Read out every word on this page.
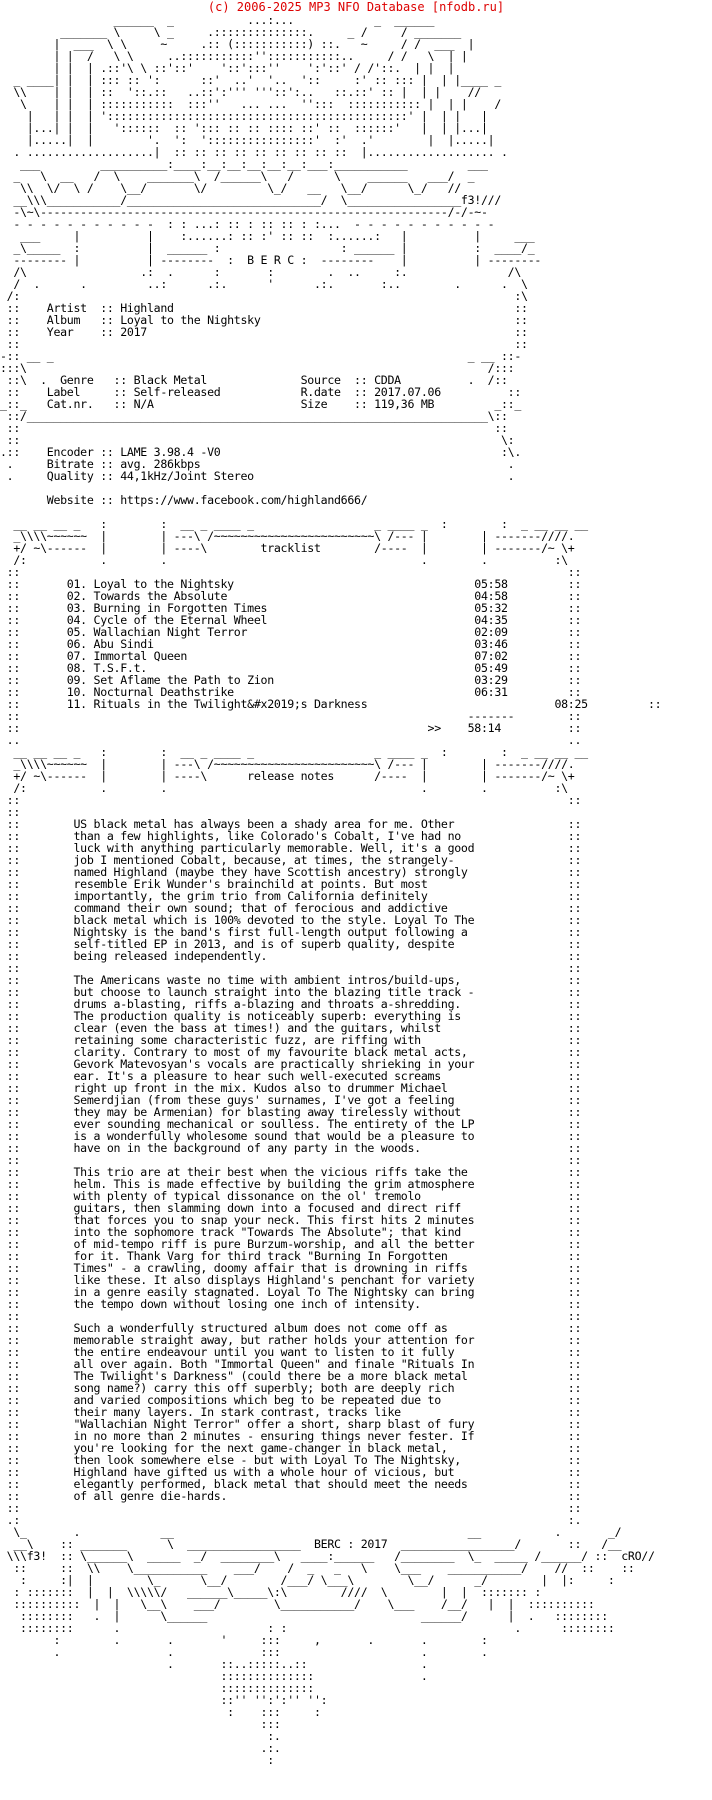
(c) 2006-2025 MP3 NFO Database [nfodb.ru]
______  _           ...:...            _  ______
_______ \     \ _     .::::::::::::::.     _ /     / _______
|  ___  \ \     ~     .:: (:::::::::::) ::.   ~     / /  ___  |
| |  /   \ \     ..:::::::::::'':::::::::::..     / /   \  | |
| |  | .::'\ \ ::'::'    '::':::''    ':'::' / /'::.  | |  |
_ ____| |  | ::: :: ':      ::'  ..'  '..  '::     :' :: ::: |  | |____ _
\\    | |  | ::  '::.::   ..::':''' '''::':..   ::.::' :: |  | |    //
\    | |  | :::::::::::  :::''   ... ...  '':::  ::::::::::: |  | |    /
|   | |  | ':::::::::::::::::::::::::::::::::::::::::::::' |  | |   |
|...| |  |   '::::::  :: '::: :: :: :::: ::' ::  ::::::'   |  | |...|
|.....|  |        '.  ':  '::::::::::::::::'  :'  .'        |  |.....|
. ...................|  :: :: :: :: :: :: :: :: ::  |................... .
___         __________:____:__:__:__:__:__:___:___________         ___
_   \  __   /  \    _______\  /______\   /      \    ______   ___/  _
\\  \/  \ /    \__/       \/         \_/   __   \__/      \_/   //
__\\\___________/_____________________________/  \_________________f3!///
-\~\-------------------------------------------------------------/-/-~-
- - - - - - - - - - -  : : ...: :: : :: :: : :...  - - - - - - - - - - -
___     |          |    :......: :: :' :: ::  :......:   |          |     ___
_\_____  :          |  ______ :                  : ______ |          :  ____/_
-------- |          | --------  :  B E R C :  --------    |          | --------
/\                 .:  .      :       :        .  ..     :.               /\
/  .      .         ..:      .:.      '      .:.       :..        .      .  \
/:                                                                          :\
::    Artist  :: Highland                                                   ::
::    Album   :: Loyal to the Nightsky                                      ::
::    Year    :: 2017                                                       ::
::                                                                          ::
-:: __ _                                                              _ __ ::-
:::\                                                                     /:::
::\  .  Genre   :: Black Metal              Source  :: CDDA          .  /::
::    Label     :: Self-released            R.date  :: 2017.07.06          ::
_::_   Cat.nr.   :: N/A                      Size    :: 119,36 MB         _::_
::/_____________________________________________________________________\::
::                                                                       ::
::                                                                        \:
.::    Encoder :: LAME 3.98.4 -V0                                          :\.
.     Bitrate :: avg. 286kbps                                              .
.     Quality :: 44,1kHz/Joint Stereo                                      .

Website :: https://www.facebook.com/highland666/

__ __ __ _   :        :  __ _ ____ _                  _ ____ _  :        :  _ __ __ __
_\\\\~~~~~~  |        | ---\ /~~~~~~~~~~~~~~~~~~~~~~~~\ /--- |        | -------////.
+/ ~\------  |        | ----\        tracklist        /----  |        | -------/~ \+
/:           .        .                                      .        .          :\
::                                                                                  ::
::       01. Loyal to the Nightsky                                    05:58         ::
::       02. Towards the Absolute                                     04:58         ::
::       03. Burning in Forgotten Times                               05:32         ::
::       04. Cycle of the Eternal Wheel                               04:35         ::
::       05. Wallachian Night Terror                                  02:09         ::
::       06. Abu Sindi                                                03:46         ::
::       07. Immortal Queen                                           07:02         ::
::       08. T.S.F.t.                                                 05:49         ::
::       09. Set Aflame the Path to Zion                              03:29         ::
::       10. Nocturnal Deathstrike                                    06:31         ::
::       11. Rituals in the Twilight&#x2019;s Darkness                            08:25         ::
::                                                                   -------        ::
::                                                             >>    58:14          ::
..                                                                                  ..
__ __ __ _   :        :  __ _ ____ _                  _ ____ _  :        :  _ __ __ __
_\\\\~~~~~~  |        | ---\ /~~~~~~~~~~~~~~~~~~~~~~~~\ /--- |        | -------////.
+/ ~\------  |        | ----\      release notes      /----  |        | -------/~ \+
/:           .        .                                      .        .          :\
::                                                                                  ::
::
::        US black metal has always been a shady area for me. Other                 ::
::        than a few highlights, like Colorado's Cobalt, I've had no                ::
::        luck with anything particularly memorable. Well, it's a good              ::
::        job I mentioned Cobalt, because, at times, the strangely-                 ::
::        named Highland (maybe they have Scottish ancestry) strongly               ::
::        resemble Erik Wunder's brainchild at points. But most                     ::
::        importantly, the grim trio from California definitely                     ::
::        command their own sound; that of ferocious and addictive                  ::
::        black metal which is 100% devoted to the style. Loyal To The              ::
::        Nightsky is the band's first full-length output following a               ::
::        self-titled EP in 2013, and is of superb quality, despite                 ::
::        being released independently.                                             ::
::                                                                                  ::
::        The Americans waste no time with ambient intros/build-ups,                ::
::        but choose to launch straight into the blazing title track -              ::
::        drums a-blasting, riffs a-blazing and throats a-shredding.                ::
::        The production quality is noticeably superb: everything is                ::
::        clear (even the bass at times!) and the guitars, whilst                   ::
::        retaining some characteristic fuzz, are riffing with                      ::
::        clarity. Contrary to most of my favourite black metal acts,               ::
::        Gevork Matevosyan's vocals are practically shrieking in your              ::
::        ear. It's a pleasure to hear such well-executed screams                   ::
::        right up front in the mix. Kudos also to drummer Michael                  ::
::        Semerdjian (from these guys' surnames, I've got a feeling                 ::
::        they may be Armenian) for blasting away tirelessly without                ::
::        ever sounding mechanical or soulless. The entirety of the LP              ::
::        is a wonderfully wholesome sound that would be a pleasure to              ::
::        have on in the background of any party in the woods.                      ::
::                                                                                  ::
::        This trio are at their best when the vicious riffs take the               ::
::        helm. This is made effective by building the grim atmosphere              ::
::        with plenty of typical dissonance on the ol' tremolo                      ::
::        guitars, then slamming down into a focused and direct riff                ::
::        that forces you to snap your neck. This first hits 2 minutes              ::
::        into the sophomore track "Towards The Absolute"; that kind                ::
::        of mid-tempo riff is pure Burzum-worship, and all the better              ::
::        for it. Thank Varg for third track "Burning In Forgotten                  ::
::        Times" - a crawling, doomy affair that is drowning in riffs               ::
::        like these. It also displays Highland's penchant for variety              ::
::        in a genre easily stagnated. Loyal To The Nightsky can bring              ::
::        the tempo down without losing one inch of intensity.                      ::
::                                                                                  ::
::        Such a wonderfully structured album does not come off as                  ::
::        memorable straight away, but rather holds your attention for              ::
::        the entire endeavour until you want to listen to it fully                 ::
::        all over again. Both "Immortal Queen" and finale "Rituals In              ::
::        The Twilight's Darkness" (could there be a more black metal               ::
::        song name?) carry this off superbly; both are deeply rich                 ::
::        and varied compositions which beg to be repeated due to                   ::
::        their many layers. In stark contrast, tracks like                         ::
::        "Wallachian Night Terror" offer a short, sharp blast of fury              ::
::        in no more than 2 minutes - ensuring things never fester. If              ::
::        you're looking for the next game-changer in black metal,                  ::
::        then look somewhere else - but with Loyal To The Nightsky,                ::
::        Highland have gifted us with a whole hour of vicious, but                 ::
::        elegantly performed, black metal that should meet the needs               ::
::        of all genre die-hards.                                                   ::
::                                                                                  ::
.:                                                                                  :.
\_       .            __                                            __           .       _/
__\    :: _______      \  _________________  BERC : 2017  _________________/       ::   /__
\\\f3!  :: \______\  _____  _/  ________\   ____:______   /________  \_  _____ /______/ ::  cRO//
::     ::  \\    \___________    ___/    /  _   _   \    \___    ___________/    //  ::    ::
:     :|  |        \_      \__/        /___/ \___\        \__/      _/        |  |:     :
: :::::::  |  |  \\\\\/   ______\_____\:\        ////  \        |  |  ::::::: :
::::::::::  |  |   \__\    ___/        \___________/    \___    /__/   |  |  ::::::::::
::::::::   .  |      \______                                ______/      |  .   ::::::::
::::::::      .                      : :                                  .      ::::::::
:        .       .       '     :::     ,       .       .        :
.                .             :::                     .        .
.       ::..:::::..::                 .
::::::::::::::                .
::::::::::::::
::'' '':':'' '':
:    :::     :
:::
:.
.:.
:
